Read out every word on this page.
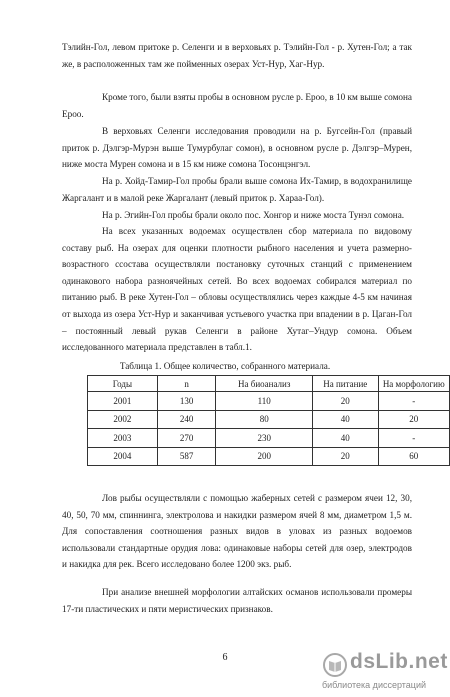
Тэлийн-Гол, левом притоке р. Селенги и в верховьях р. Тэлийн-Гол - р. Хутен-Гол; а так же, в расположенных там же пойменных озерах Уст-Нур, Хаг-Нур.

Кроме того, были взяты пробы в основном русле р. Ероо, в 10 км выше сомона Ероо.

В верховьях Селенги исследования проводили на р. Бугсейн-Гол (правый приток р. Дэлгэр-Мурэн выше Тумурбулаг сомон), в основном русле р. Дэлгэр–Мурен, ниже моста Мурен сомона и в 15 км ниже сомона Тосонцэнгэл.

На р. Хойд-Тамир-Гол пробы брали выше сомона Их-Тамир, в водохранилище Жаргалант и в малой реке Жаргалант (левый приток р. Хараа-Гол).

На р. Эгийн-Гол пробы брали около пос. Хонгор и ниже моста Тунэл сомона.

На всех указанных водоемах осуществлен сбор материала по видовому составу рыб. На озерах для оценки плотности рыбного населения и учета размерно-возрастного ссостава осуществляли постановку суточных станций с применением одинакового набора разноячейных сетей. Во всех водоемах собирался материал по питанию рыб. В реке Хутен-Гол – обловы осуществлялись через каждые 4-5 км начиная от выхода из озера Уст-Нур и заканчивая устьевого участка при впадении в р. Цаган-Гол – постоянный левый рукав Селенги в районе Хутаг–Ундур сомона. Объем исследованного материала представлен в табл.1.

Таблица 1. Общее количество, собранного материала.
Годы	n	На биоанализ	На питание	На морфологию
2001	130	110	20	-
2002	240	80	40	20
2003	270	230	40	-
2004	587	200	20	60

Лов рыбы осуществляли с помощью жаберных сетей с размером ячеи 12, 30, 40, 50, 70 мм, спиннинга, электролова и накидки размером ячей 8 мм, диаметром 1,5 м. Для сопоставления соотношения разных видов в уловах из разных водоемов использовали стандартные орудия лова: одинаковые наборы сетей для озер, электродов и накидка для рек. Всего исследовано более 1200 экз. рыб.

При анализе внешней морфологии алтайских османов использовали промеры 17-ти пластических и пяти меристических признаков.

6	dsLib.net
библиотека диссертаций
